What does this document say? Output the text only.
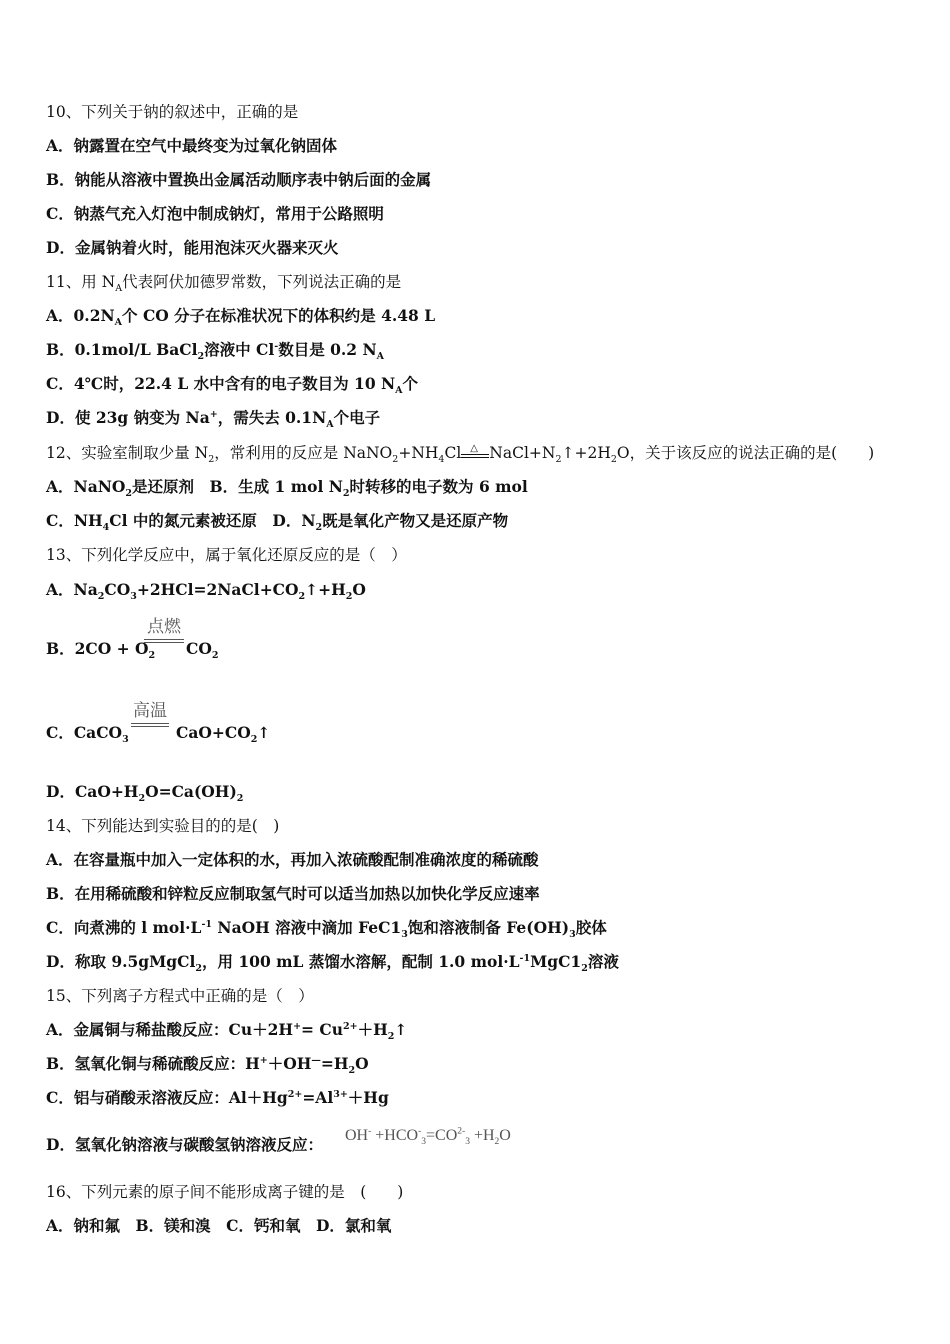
10、下列关于钠的叙述中，正确的是
A．钠露置在空气中最终变为过氧化钠固体
B．钠能从溶液中置换出金属活动顺序表中钠后面的金属
C．钠蒸气充入灯泡中制成钠灯，常用于公路照明
D．金属钠着火时，能用泡沫灭火器来灭火
11、用 $N_A$代表阿伏加德罗常数，下列说法正确的是
A．$0.2N_A$个 CO 分子在标准状况下的体积约是 4.48 L
B．0.1mol/L BaCl$_2$溶液中 Cl-数目是 0.2 $N_A$
C．4℃时，22.4 L 水中含有的电子数目为 10 $N_A$个
D．使 23g 钠变为 Na+，需失去 $0.1N_A$个电子
12、实验室制取少量 $N_2$，常利用的反应是 $NaNO_2+NH_4Cl$ △ $NaCl+N_2↑+2H_2O$，关于该反应的说法正确的是(　　)
A．NaNO$_2$是还原剂　B．生成 1 mol $N_2$时转移的电子数为 6 mol
C．$NH_4Cl$ 中的氮元素被还原　D．$N_2$既是氧化产物又是还原产物
13、下列化学反应中，属于氧化还原反应的是（　）
A．$Na_2CO_3+2HCl=2NaCl+CO_2↑+H_2O$
B．$2CO + O_2$
点燃
$CO_2$
C．CaCO$_3$
高温
$CaO+CO_2↑$
D．$CaO+H_2O=Ca(OH)_2$
14、下列能达到实验目的的是(　)
A．在容量瓶中加入一定体积的水，再加入浓硫酸配制准确浓度的稀硫酸
B．在用稀硫酸和锌粒反应制取氢气时可以适当加热以加快化学反应速率
C．向煮沸的 l $mol\cdot L^{-1}$ NaOH 溶液中滴加 $FeC1_3$饱和溶液制备 $Fe(OH)_3$胶体
D．称取 9.5gMgCl$_2$，用 100 mL 蒸馏水溶解，配制 1.0 $mol\cdot L^{-1}MgC1_2$溶液
15、下列离子方程式中正确的是（　）
A．金属铜与稀盐酸反应：$Cu+2H^+= Cu^{2+}+H_2↑$
B．氢氧化铜与稀硫酸反应：$H^++OH^—=H_2O$
C．铝与硝酸汞溶液反应：$Al+Hg^{2+}=Al^{3+}+Hg$
D．氢氧化钠溶液与碳酸氢钠溶液反应： $OH^- +HCO^-_3=CO^{2-}_3 +H_2O$
16、下列元素的原子间不能形成离子键的是　(　　)
A．钠和氟　B．镁和溴　C．钙和氧　D．氯和氧
